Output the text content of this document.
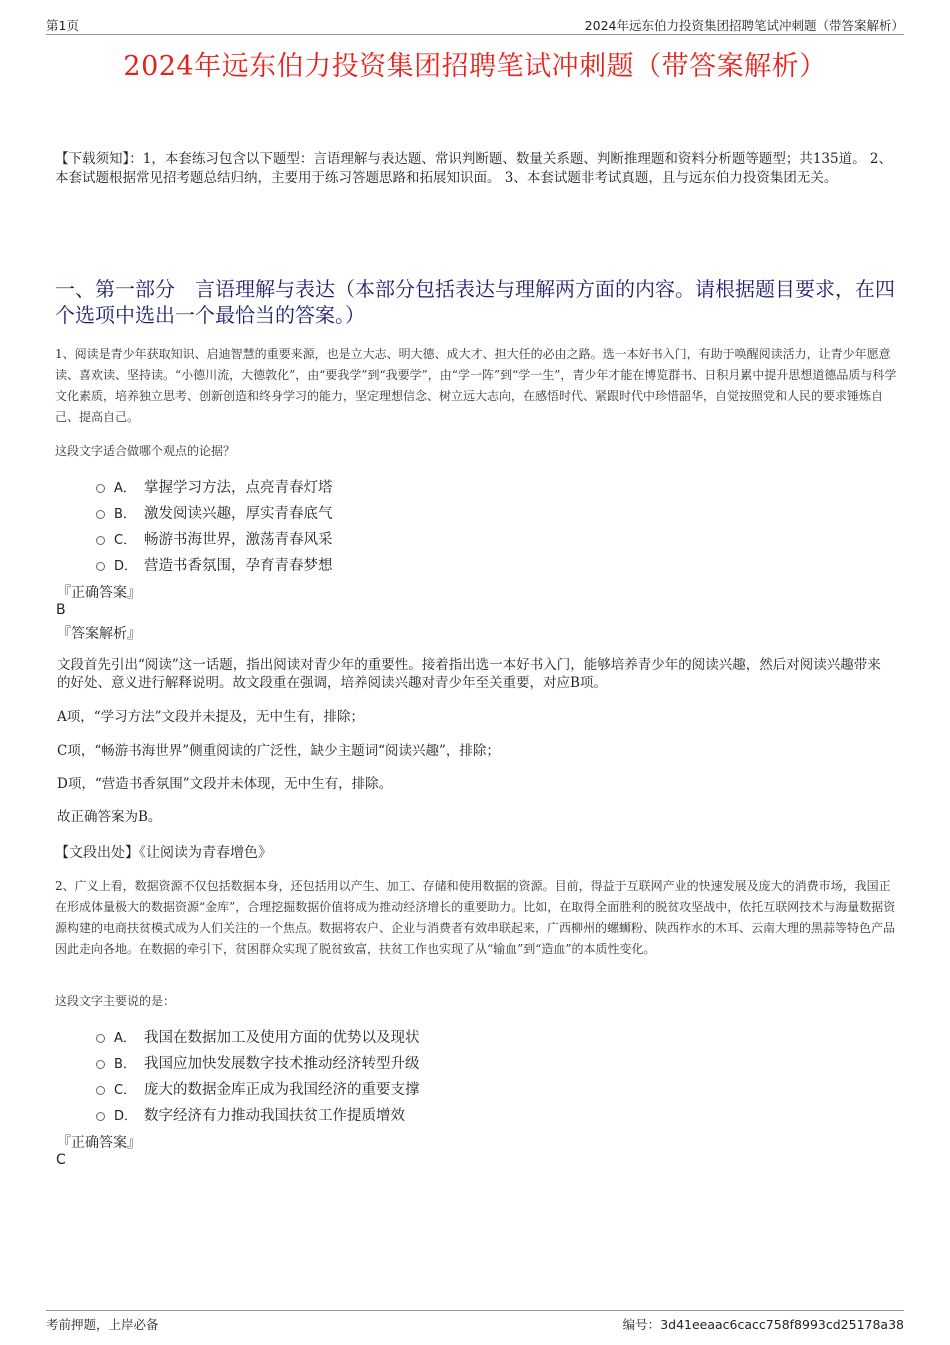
第1页	2024年远东伯力投资集团招聘笔试冲刺题（带答案解析）
2024年远东伯力投资集团招聘笔试冲刺题（带答案解析）
【下载须知】：1，本套练习包含以下题型：言语理解与表达题、常识判断题、数量关系题、判断推理题和资料分析题等题型；共135道。 2、本套试题根据常见招考题总结归纳，主要用于练习答题思路和拓展知识面。 3、本套试题非考试真题，且与远东伯力投资集团无关。
一、第一部分　言语理解与表达（本部分包括表达与理解两方面的内容。请根据题目要求，在四个选项中选出一个最恰当的答案。）
1、阅读是青少年获取知识、启迪智慧的重要来源，也是立大志、明大德、成大才、担大任的必由之路。选一本好书入门，有助于唤醒阅读活力，让青少年愿意读、喜欢读、坚持读。“小德川流，大德敦化”，由“要我学”到“我要学”，由“学一阵”到“学一生”，青少年才能在博览群书、日积月累中提升思想道德品质与科学文化素质，培养独立思考、创新创造和终身学习的能力，坚定理想信念、树立远大志向，在感悟时代、紧跟时代中珍惜韶华，自觉按照党和人民的要求锤炼自己、提高自己。
这段文字适合做哪个观点的论据？
A． 掌握学习方法，点亮青春灯塔
B． 激发阅读兴趣，厚实青春底气
C． 畅游书海世界，激荡青春风采
D． 营造书香氛围，孕育青春梦想
『正确答案』
B
『答案解析』
文段首先引出“阅读”这一话题，指出阅读对青少年的重要性。接着指出选一本好书入门，能够培养青少年的阅读兴趣，然后对阅读兴趣带来的好处、意义进行解释说明。故文段重在强调，培养阅读兴趣对青少年至关重要，对应B项。
A项，“学习方法”文段并未提及，无中生有，排除；
C项，“畅游书海世界”侧重阅读的广泛性，缺少主题词“阅读兴趣”，排除；
D项，“营造书香氛围”文段并未体现，无中生有，排除。
故正确答案为B。
【文段出处】《让阅读为青春增色》
2、广义上看，数据资源不仅包括数据本身，还包括用以产生、加工、存储和使用数据的资源。目前，得益于互联网产业的快速发展及庞大的消费市场，我国正在形成体量极大的数据资源“金库”，合理挖掘数据价值将成为推动经济增长的重要助力。比如，在取得全面胜利的脱贫攻坚战中，依托互联网技术与海量数据资源构建的电商扶贫模式成为人们关注的一个焦点。数据将农户、企业与消费者有效串联起来，广西柳州的螺蛳粉、陕西柞水的木耳、云南大理的黑蒜等特色产品因此走向各地。在数据的牵引下，贫困群众实现了脱贫致富，扶贫工作也实现了从“输血”到“造血”的本质性变化。
这段文字主要说的是：
A． 我国在数据加工及使用方面的优势以及现状
B． 我国应加快发展数字技术推动经济转型升级
C． 庞大的数据金库正成为我国经济的重要支撑
D． 数字经济有力推动我国扶贫工作提质增效
『正确答案』
C
考前押题，上岸必备	编号：3d41eeaac6cacc758f8993cd25178a38
